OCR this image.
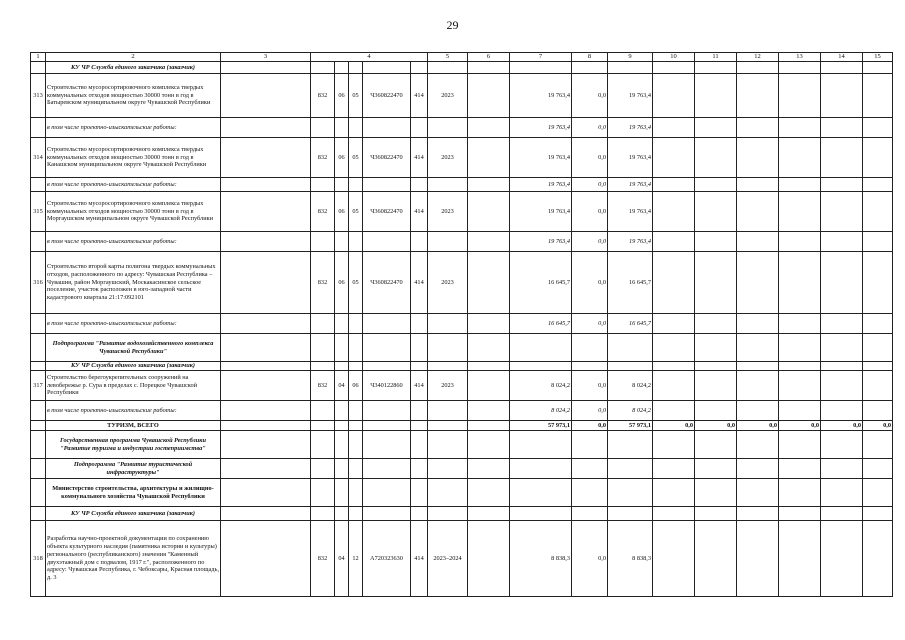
29
1	2	3	4					5	6	7	8	9	10	11	12	13	14	15
	КУ ЧР Служба единого заказчика (заказчик)																	
313	Строительство мусоросортировочного комплекса твердых коммунальных отходов мощностью 30000 тонн в год в Батыревском муниципальном округе Чувашской Республики		832	06	05	Ч360822470	414	2023		19 763,4	0,0	19 763,4						
	в том числе проектно-изыскательские работы:									19 763,4	0,0	19 763,4						
314	Строительство мусоросортировочного комплекса твердых коммунальных отходов мощностью 30000 тонн в год в Канашском муниципальном округе Чувашской Республики		832	06	05	Ч360822470	414	2023		19 763,4	0,0	19 763,4						
	в том числе проектно-изыскательские работы:									19 763,4	0,0	19 763,4						
315	Строительство мусоросортировочного комплекса твердых коммунальных отходов мощностью 30000 тонн в год в Моргаушском муниципальном округе Чувашской Республики		832	06	05	Ч360822470	414	2023		19 763,4	0,0	19 763,4						
	в том числе проектно-изыскательские работы:									19 763,4	0,0	19 763,4						
316	Строительство второй карты полигона твердых коммунальных отходов, расположенного по адресу: Чувашская Республика – Чувашия, район Моргаушский, Москакасинское сельское поселение, участок расположен в юго-западной части кадастрового квартала 21:17:092101		832	06	05	Ч360822470	414	2023		16 645,7	0,0	16 645,7						
	в том числе проектно-изыскательские работы:									16 645,7	0,0	16 645,7						
	Подпрограмма "Развитие водохозяйственного комплекса Чувашской Республики"																	
	КУ ЧР Служба единого заказчика (заказчик)																	
317	Строительство берегоукрепительных сооружений на левобережье р. Сура в пределах с. Порецкое Чувашской Республики		832	04	06	Ч340122860	414	2023		8 024,2	0,0	8 024,2						
	в том числе проектно-изыскательские работы:									8 024,2	0,0	8 024,2						
	ТУРИЗМ, ВСЕГО									57 973,1	0,0	57 973,1	0,0	0,0	0,0	0,0	0,0	0,0
	Государственная программа Чувашской Республики "Развитие туризма и индустрии гостеприимства"																	
	Подпрограмма "Развитие туристической инфраструктуры"																	
	Министерство строительства, архитектуры и жилищно-коммунального хозяйства Чувашской Республики																	
	КУ ЧР Служба единого заказчика (заказчик)																	
318	Разработка научно-проектной документации по сохранению объекта культурного наследия (памятника истории и культуры) регионального (республиканского) значения "Каменный двухэтажный дом с подвалом, 1917 г.", расположенного по адресу: Чувашская Республика, г. Чебоксары, Красная площадь, д. 3		832	04	12	А720323630	414	2023–2024		8 838,3	0,0	8 838,3						
